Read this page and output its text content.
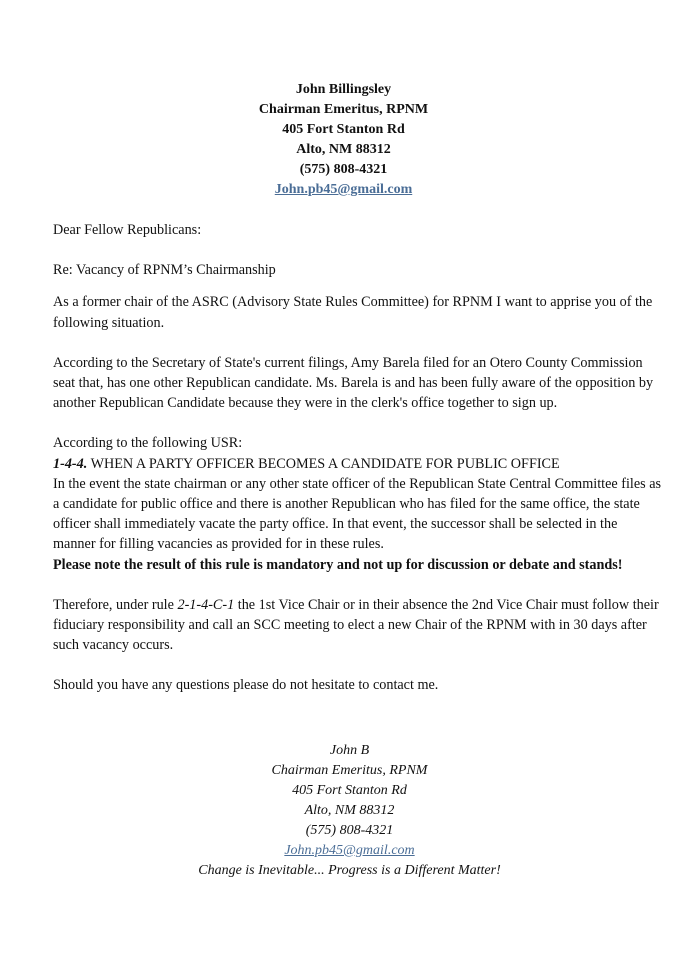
John Billingsley
Chairman Emeritus, RPNM
405 Fort Stanton Rd
Alto, NM 88312
(575) 808-4321
John.pb45@gmail.com

Dear Fellow Republicans:

Re: Vacancy of RPNM’s Chairmanship

As a former chair of the ASRC (Advisory State Rules Committee) for RPNM I want to apprise you of the following situation.

According to the Secretary of State's current filings, Amy Barela filed for an Otero County Commission seat that, has one other Republican candidate. Ms. Barela is and has been fully aware of the opposition by another Republican Candidate because they were in the clerk's office together to sign up.

According to the following USR:

1-4-4. WHEN A PARTY OFFICER BECOMES A CANDIDATE FOR PUBLIC OFFICE

In the event the state chairman or any other state officer of the Republican State Central Committee files as a candidate for public office and there is another Republican who has filed for the same office, the state officer shall immediately vacate the party office. In that event, the successor shall be selected in the manner for filling vacancies as provided for in these rules.

Please note the result of this rule is mandatory and not up for discussion or debate and stands!

Therefore, under rule 2-1-4-C-1 the 1st Vice Chair or in their absence the 2nd Vice Chair must follow their fiduciary responsibility and call an SCC meeting to elect a new Chair of the RPNM with in 30 days after such vacancy occurs.

Should you have any questions please do not hesitate to contact me.

John B
Chairman Emeritus, RPNM
405 Fort Stanton Rd
Alto, NM 88312
(575) 808-4321
John.pb45@gmail.com
Change is Inevitable... Progress is a Different Matter!
